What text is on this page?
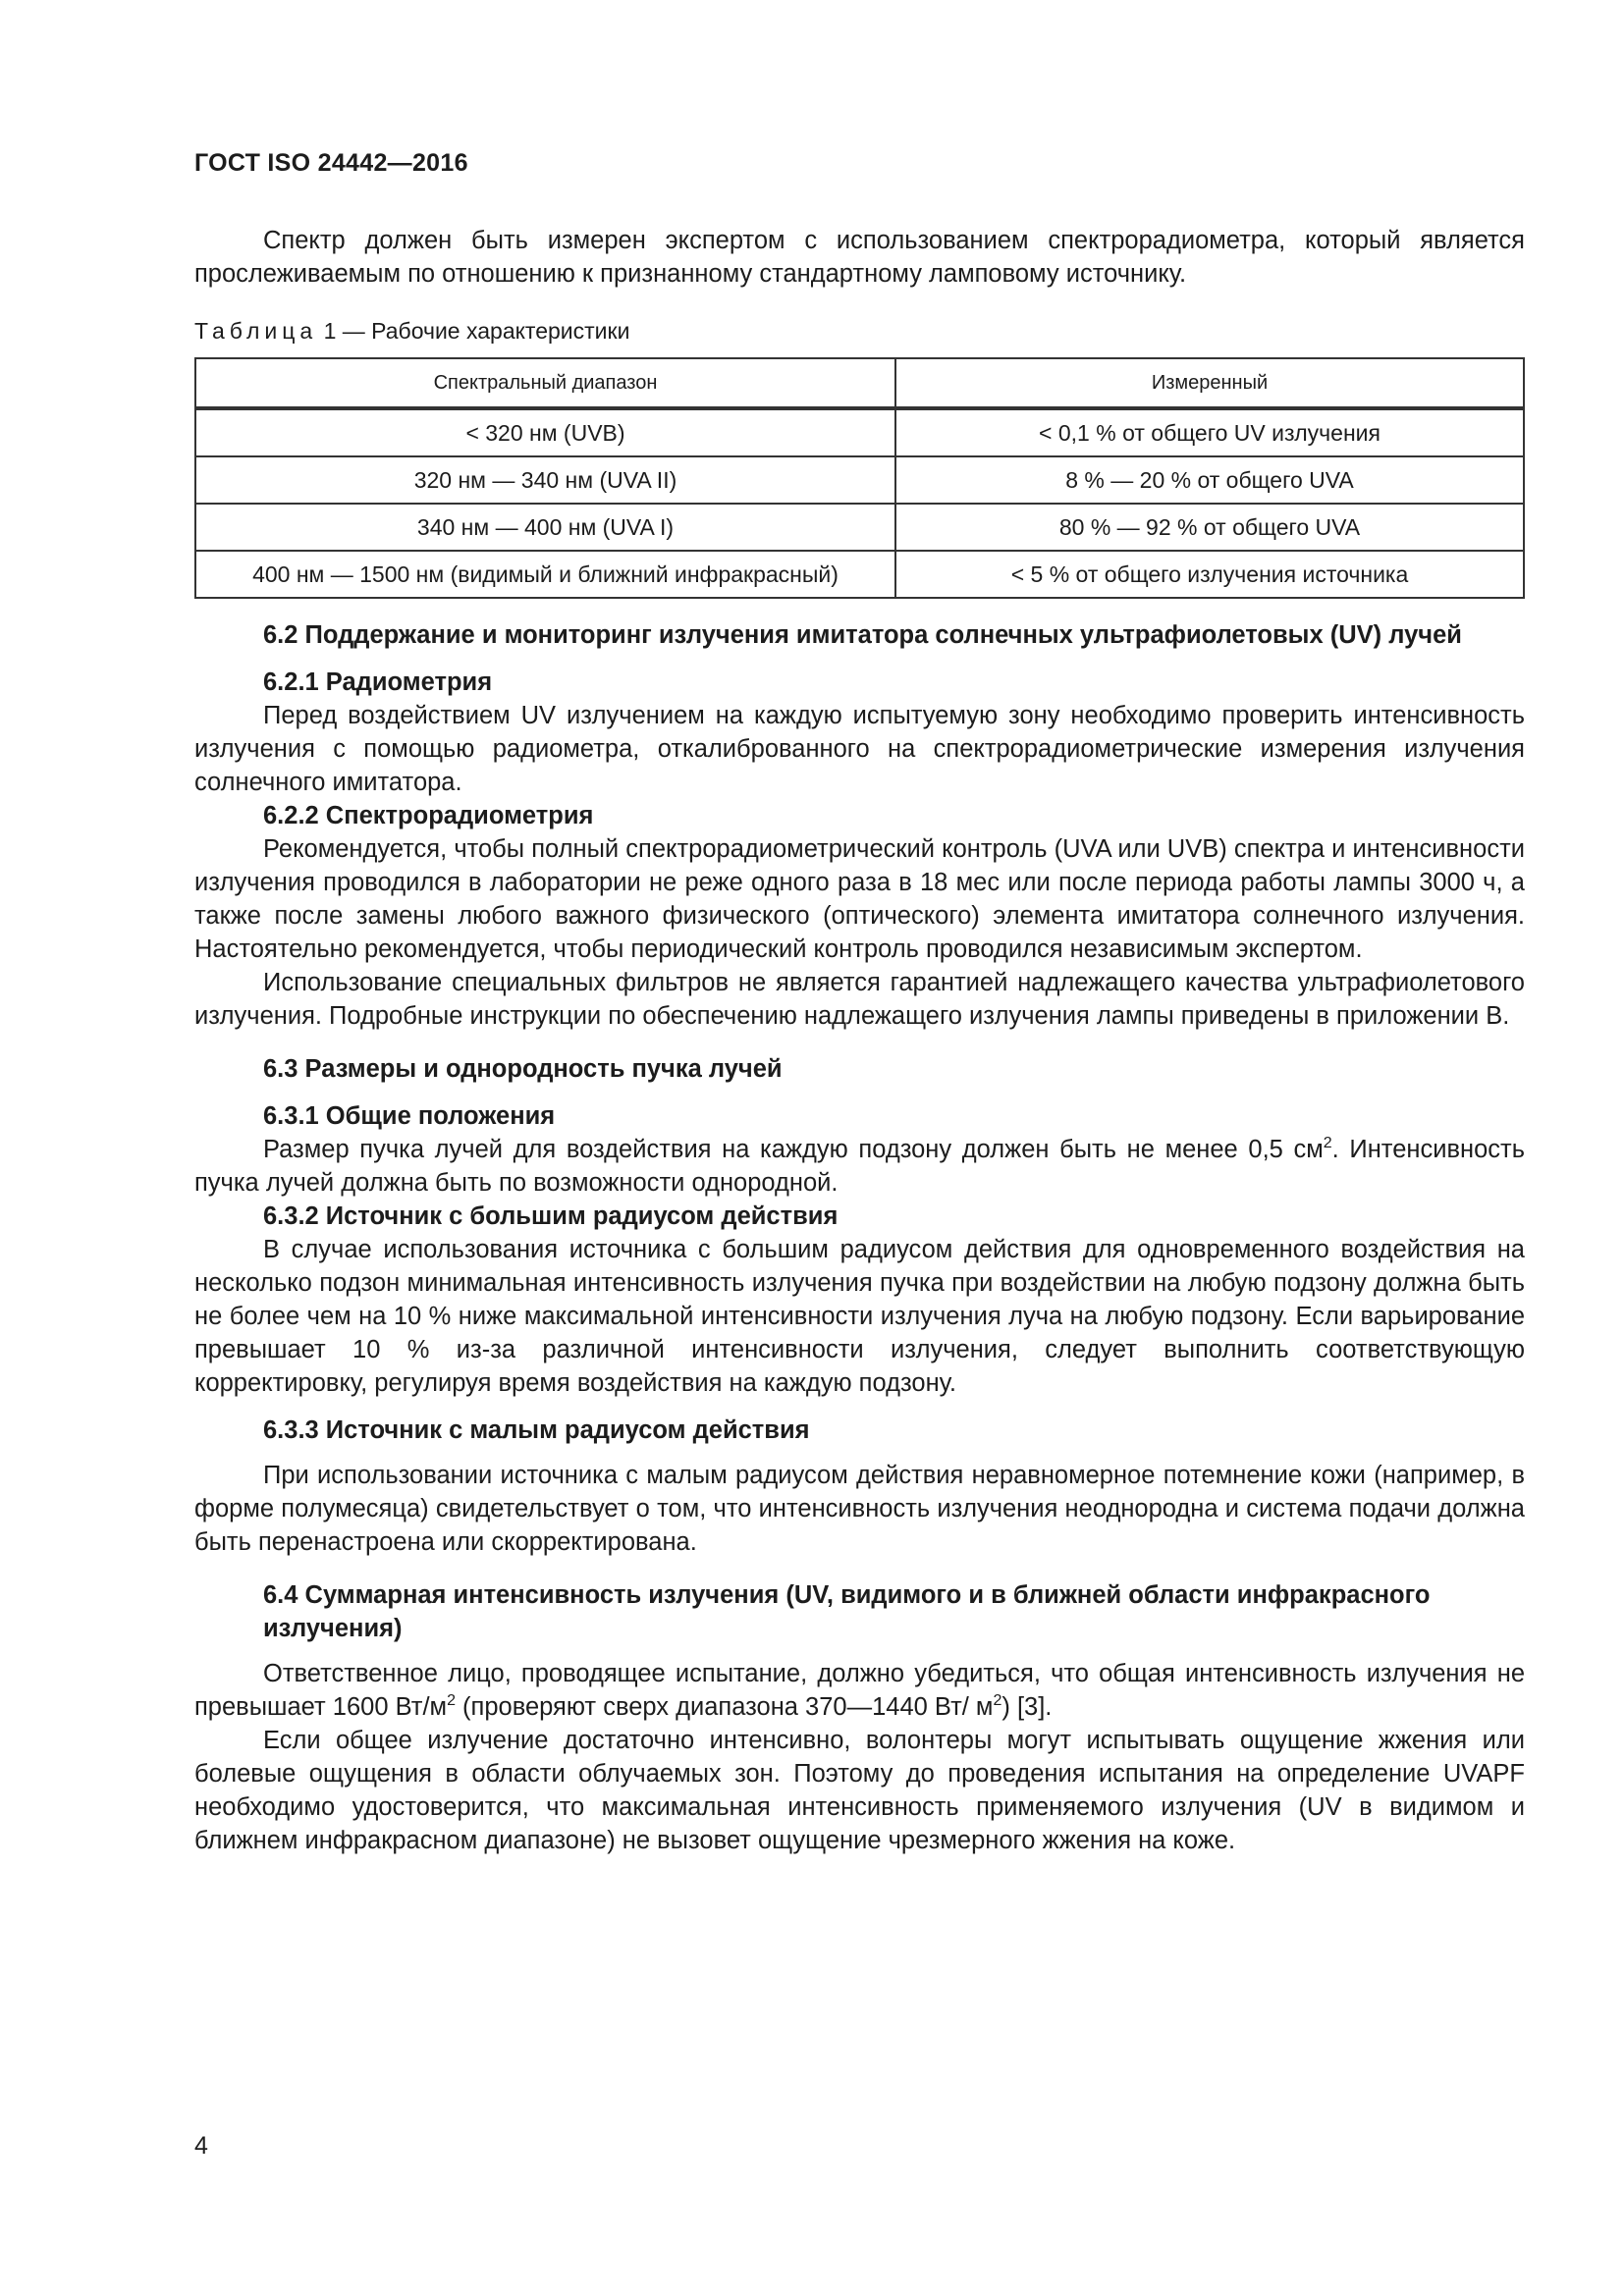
ГОСТ ISO 24442—2016

Спектр должен быть измерен экспертом с использованием спектрорадиометра, который является прослеживаемым по отношению к признанному стандартному ламповому источнику.

Таблица 1 — Рабочие характеристики
Спектральный диапазон	Измеренный
< 320 нм (UVB)	< 0,1 % от общего UV излучения
320 нм — 340 нм (UVA II)	8 % — 20 % от общего UVA
340 нм — 400 нм (UVA I)	80 % — 92 % от общего UVA
400 нм — 1500 нм (видимый и ближний инфракрасный)	< 5 % от общего излучения источника
6.2 Поддержание и мониторинг излучения имитатора солнечных ультрафиолетовых (UV) лучей
6.2.1 Радиометрия

Перед воздействием UV излучением на каждую испытуемую зону необходимо проверить интенсивность излучения с помощью радиометра, откалиброванного на спектрорадиометрические измерения излучения солнечного имитатора.

6.2.2 Спектрорадиометрия

Рекомендуется, чтобы полный спектрорадиометрический контроль (UVA или UVB) спектра и интенсивности излучения проводился в лаборатории не реже одного раза в 18 мес или после периода работы лампы 3000 ч, а также после замены любого важного физического (оптического) элемента имитатора солнечного излучения. Настоятельно рекомендуется, чтобы периодический контроль проводился независимым экспертом.

Использование специальных фильтров не является гарантией надлежащего качества ультрафиолетового излучения. Подробные инструкции по обеспечению надлежащего излучения лампы приведены в приложении В.

6.3 Размеры и однородность пучка лучей
6.3.1 Общие положения

Размер пучка лучей для воздействия на каждую подзону должен быть не менее 0,5 $см^2$. Интенсивность пучка лучей должна быть по возможности однородной.

6.3.2 Источник с большим радиусом действия

В случае использования источника с большим радиусом действия для одновременного воздействия на несколько подзон минимальная интенсивность излучения пучка при воздействии на любую подзону должна быть не более чем на 10 % ниже максимальной интенсивности излучения луча на любую подзону. Если варьирование превышает 10 % из-за различной интенсивности излучения, следует выполнить соответствующую корректировку, регулируя время воздействия на каждую подзону.

6.3.3 Источник с малым радиусом действия

При использовании источника с малым радиусом действия неравномерное потемнение кожи (например, в форме полумесяца) свидетельствует о том, что интенсивность излучения неоднородна и система подачи должна быть перенастроена или скорректирована.

6.4 Суммарная интенсивность излучения (UV, видимого и в ближней области инфракрасного излучения)

Ответственное лицо, проводящее испытание, должно убедиться, что общая интенсивность излучения не превышает 1600 $Вт/м^2$ (проверяют сверх диапазона 370—1440 Вт/ $м^2$) [3].

Если общее излучение достаточно интенсивно, волонтеры могут испытывать ощущение жжения или болевые ощущения в области облучаемых зон. Поэтому до проведения испытания на определение UVAPF необходимо удостоверится, что максимальная интенсивность применяемого излучения (UV в видимом и ближнем инфракрасном диапазоне) не вызовет ощущение чрезмерного жжения на коже.

4
